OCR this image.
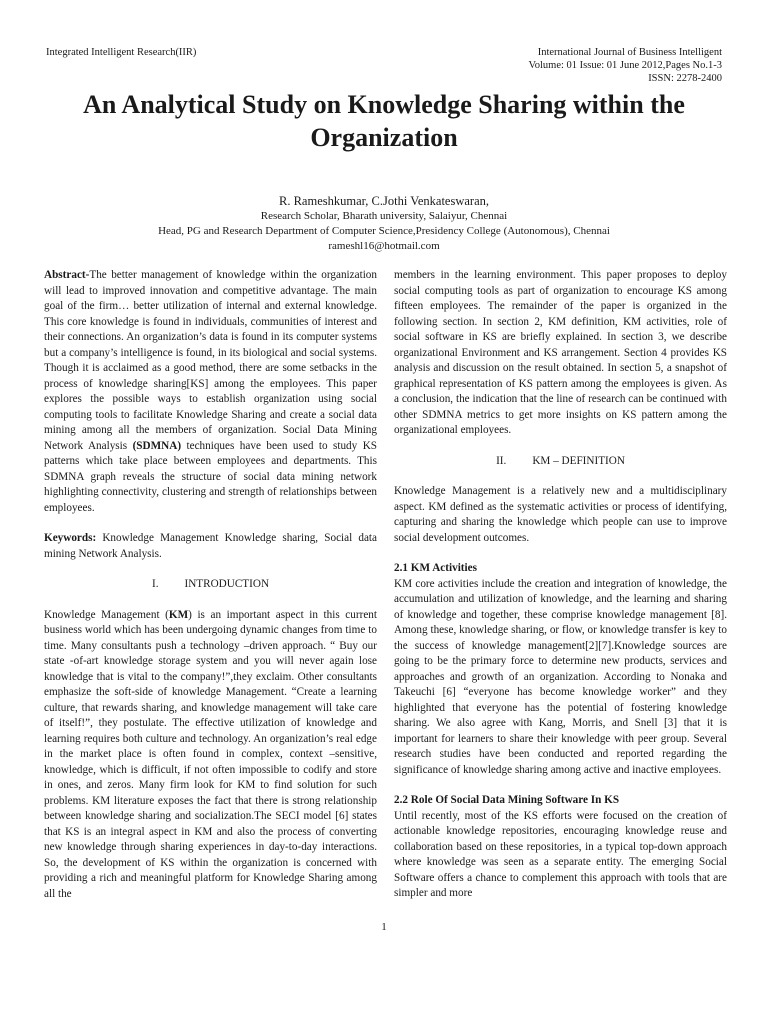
Integrated Intelligent Research(IIR)	International Journal of Business Intelligent
Volume: 01 Issue: 01 June 2012,Pages No.1-3
ISSN: 2278-2400
An Analytical Study on Knowledge Sharing within the Organization
R. Rameshkumar, C.Jothi Venkateswaran,
Research Scholar, Bharath university, Salaiyur, Chennai
Head, PG and Research Department of Computer Science,Presidency College (Autonomous), Chennai
rameshl16@hotmail.com

Abstract-The better management of knowledge within the organization will lead to improved innovation and competitive advantage. The main goal of the firm… better utilization of internal and external knowledge. This core knowledge is found in individuals, communities of interest and their connections. An organization’s data is found in its computer systems but a company’s intelligence is found, in its biological and social systems. Though it is acclaimed as a good method, there are some setbacks in the process of knowledge sharing[KS] among the employees. This paper explores the possible ways to establish organization using social computing tools to facilitate Knowledge Sharing and create a social data mining among all the members of organization. Social Data Mining Network Analysis (SDMNA) techniques have been used to study KS patterns which take place between employees and departments. This SDMNA graph reveals the structure of social data mining network highlighting connectivity, clustering and strength of relationships between employees.

Keywords: Knowledge Management Knowledge sharing, Social data mining Network Analysis.

I. INTRODUCTION

Knowledge Management (KM) is an important aspect in this current business world which has been undergoing dynamic changes from time to time. Many consultants push a technology –driven approach. “ Buy our state -of-art knowledge storage system and you will never again lose knowledge that is vital to the company!”,they exclaim. Other consultants emphasize the soft-side of knowledge Management. “Create a learning culture, that rewards sharing, and knowledge management will take care of itself!”, they postulate. The effective utilization of knowledge and learning requires both culture and technology. An organization’s real edge in the market place is often found in complex, context –sensitive, knowledge, which is difficult, if not often impossible to codify and store in ones, and zeros. Many firm look for KM to find solution for such problems. KM literature exposes the fact that there is strong relationship between knowledge sharing and socialization.The SECI model [6] states that KS is an integral aspect in KM and also the process of converting new knowledge through sharing experiences in day-to-day interactions. So, the development of KS within the organization is concerned with providing a rich and meaningful platform for Knowledge Sharing among all the

members in the learning environment. This paper proposes to deploy social computing tools as part of organization to encourage KS among fifteen employees. The remainder of the paper is organized in the following section. In section 2, KM definition, KM activities, role of social software in KS are briefly explained. In section 3, we describe organizational Environment and KS arrangement. Section 4 provides KS analysis and discussion on the result obtained. In section 5, a snapshot of graphical representation of KS pattern among the employees is given. As a conclusion, the indication that the line of research can be continued with other SDMNA metrics to get more insights on KS pattern among the organizational employees.

II. KM – DEFINITION

Knowledge Management is a relatively new and a multidisciplinary aspect. KM defined as the systematic activities or process of identifying, capturing and sharing the knowledge which people can use to improve social development outcomes.

2.1 KM Activities

KM core activities include the creation and integration of knowledge, the accumulation and utilization of knowledge, and the learning and sharing of knowledge and together, these comprise knowledge management [8]. Among these, knowledge sharing, or flow, or knowledge transfer is key to the success of knowledge management[2][7].Knowledge sources are going to be the primary force to determine new products, services and approaches and growth of an organization. According to Nonaka and Takeuchi [6] “everyone has become knowledge worker” and they highlighted that everyone has the potential of fostering knowledge sharing. We also agree with Kang, Morris, and Snell [3] that it is important for learners to share their knowledge with peer group. Several research studies have been conducted and reported regarding the significance of knowledge sharing among active and inactive employees.

2.2 Role Of Social Data Mining Software In KS

Until recently, most of the KS efforts were focused on the creation of actionable knowledge repositories, encouraging knowledge reuse and collaboration based on these repositories, in a typical top-down approach where knowledge was seen as a separate entity. The emerging Social Software offers a chance to complement this approach with tools that are simpler and more

1
